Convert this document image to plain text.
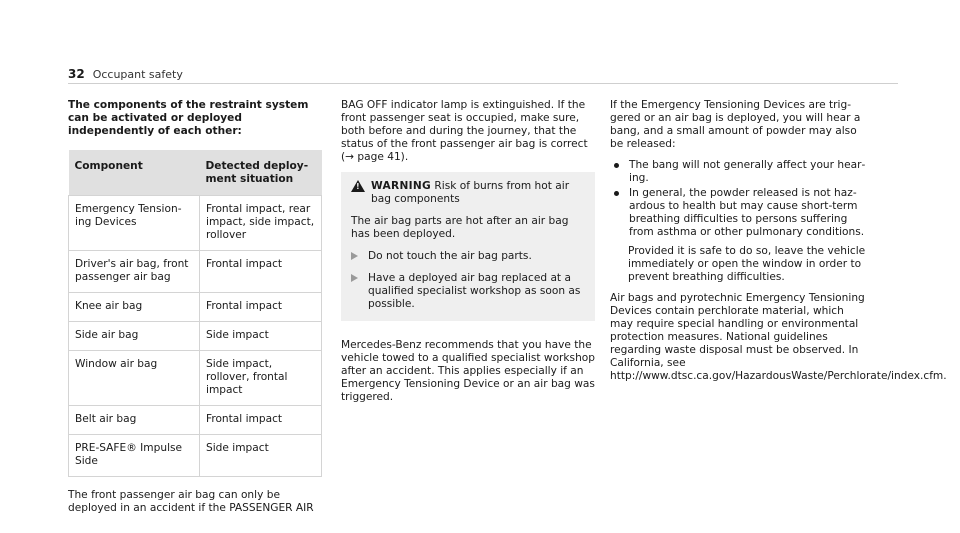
32 Occupant safety
The components of the restraint system can be activated or deployed independently of each other:
Component	Detected deployment situation
Emergency Tensioning Devices	Frontal impact, rear impact, side impact, rollover
Driver's air bag, front passenger air bag	Frontal impact
Knee air bag	Frontal impact
Side air bag	Side impact
Window air bag	Side impact, rollover, frontal impact
Belt air bag	Frontal impact
PRE-SAFE® Impulse Side	Side impact

The front passenger air bag can only be deployed in an accident if the PASSENGER AIR

BAG OFF indicator lamp is extinguished. If the front passenger seat is occupied, make sure, both before and during the journey, that the status of the front passenger air bag is correct (→ page 41).

! WARNING Risk of burns from hot air bag components
The air bag parts are hot after an air bag has been deployed.
Do not touch the air bag parts.
Have a deployed air bag replaced at a qualified specialist workshop as soon as possible.

Mercedes-Benz recommends that you have the vehicle towed to a qualified specialist workshop after an accident. This applies especially if an Emergency Tensioning Device or an air bag was triggered.

If the Emergency Tensioning Devices are triggered or an air bag is deployed, you will hear a bang, and a small amount of powder may also be released:

The bang will not generally affect your hearing.
In general, the powder released is not hazardous to health but may cause short-term breathing difficulties to persons suffering from asthma or other pulmonary conditions.

Provided it is safe to do so, leave the vehicle immediately or open the window in order to prevent breathing difficulties.

Air bags and pyrotechnic Emergency Tensioning Devices contain perchlorate material, which may require special handling or environmental protection measures. National guidelines regarding waste disposal must be observed. In California, see http://www.dtsc.ca.gov/HazardousWaste/Perchlorate/index.cfm.
